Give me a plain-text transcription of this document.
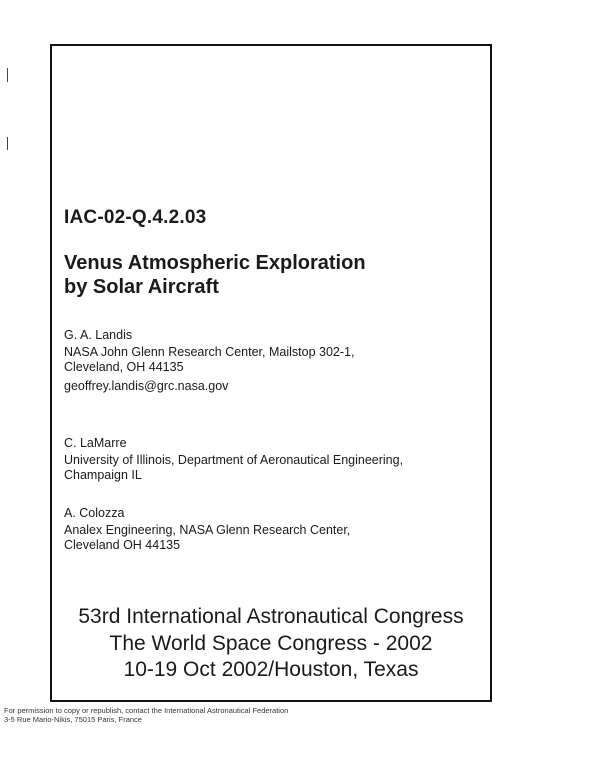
IAC-02-Q.4.2.03
Venus Atmospheric Exploration
by Solar Aircraft
G. A. Landis
NASA John Glenn Research Center, Mailstop 302-1,
Cleveland, OH 44135
geoffrey.landis@grc.nasa.gov
C. LaMarre
University of Illinois, Department of Aeronautical Engineering,
Champaign IL
A. Colozza
Analex Engineering, NASA Glenn Research Center,
Cleveland OH 44135
53rd International Astronautical Congress
The World Space Congress - 2002
10-19 Oct 2002/Houston, Texas
For permission to copy or republish, contact the International Astronautical Federation
3-5 Rue Mario-Nikis, 75015 Paris, France
